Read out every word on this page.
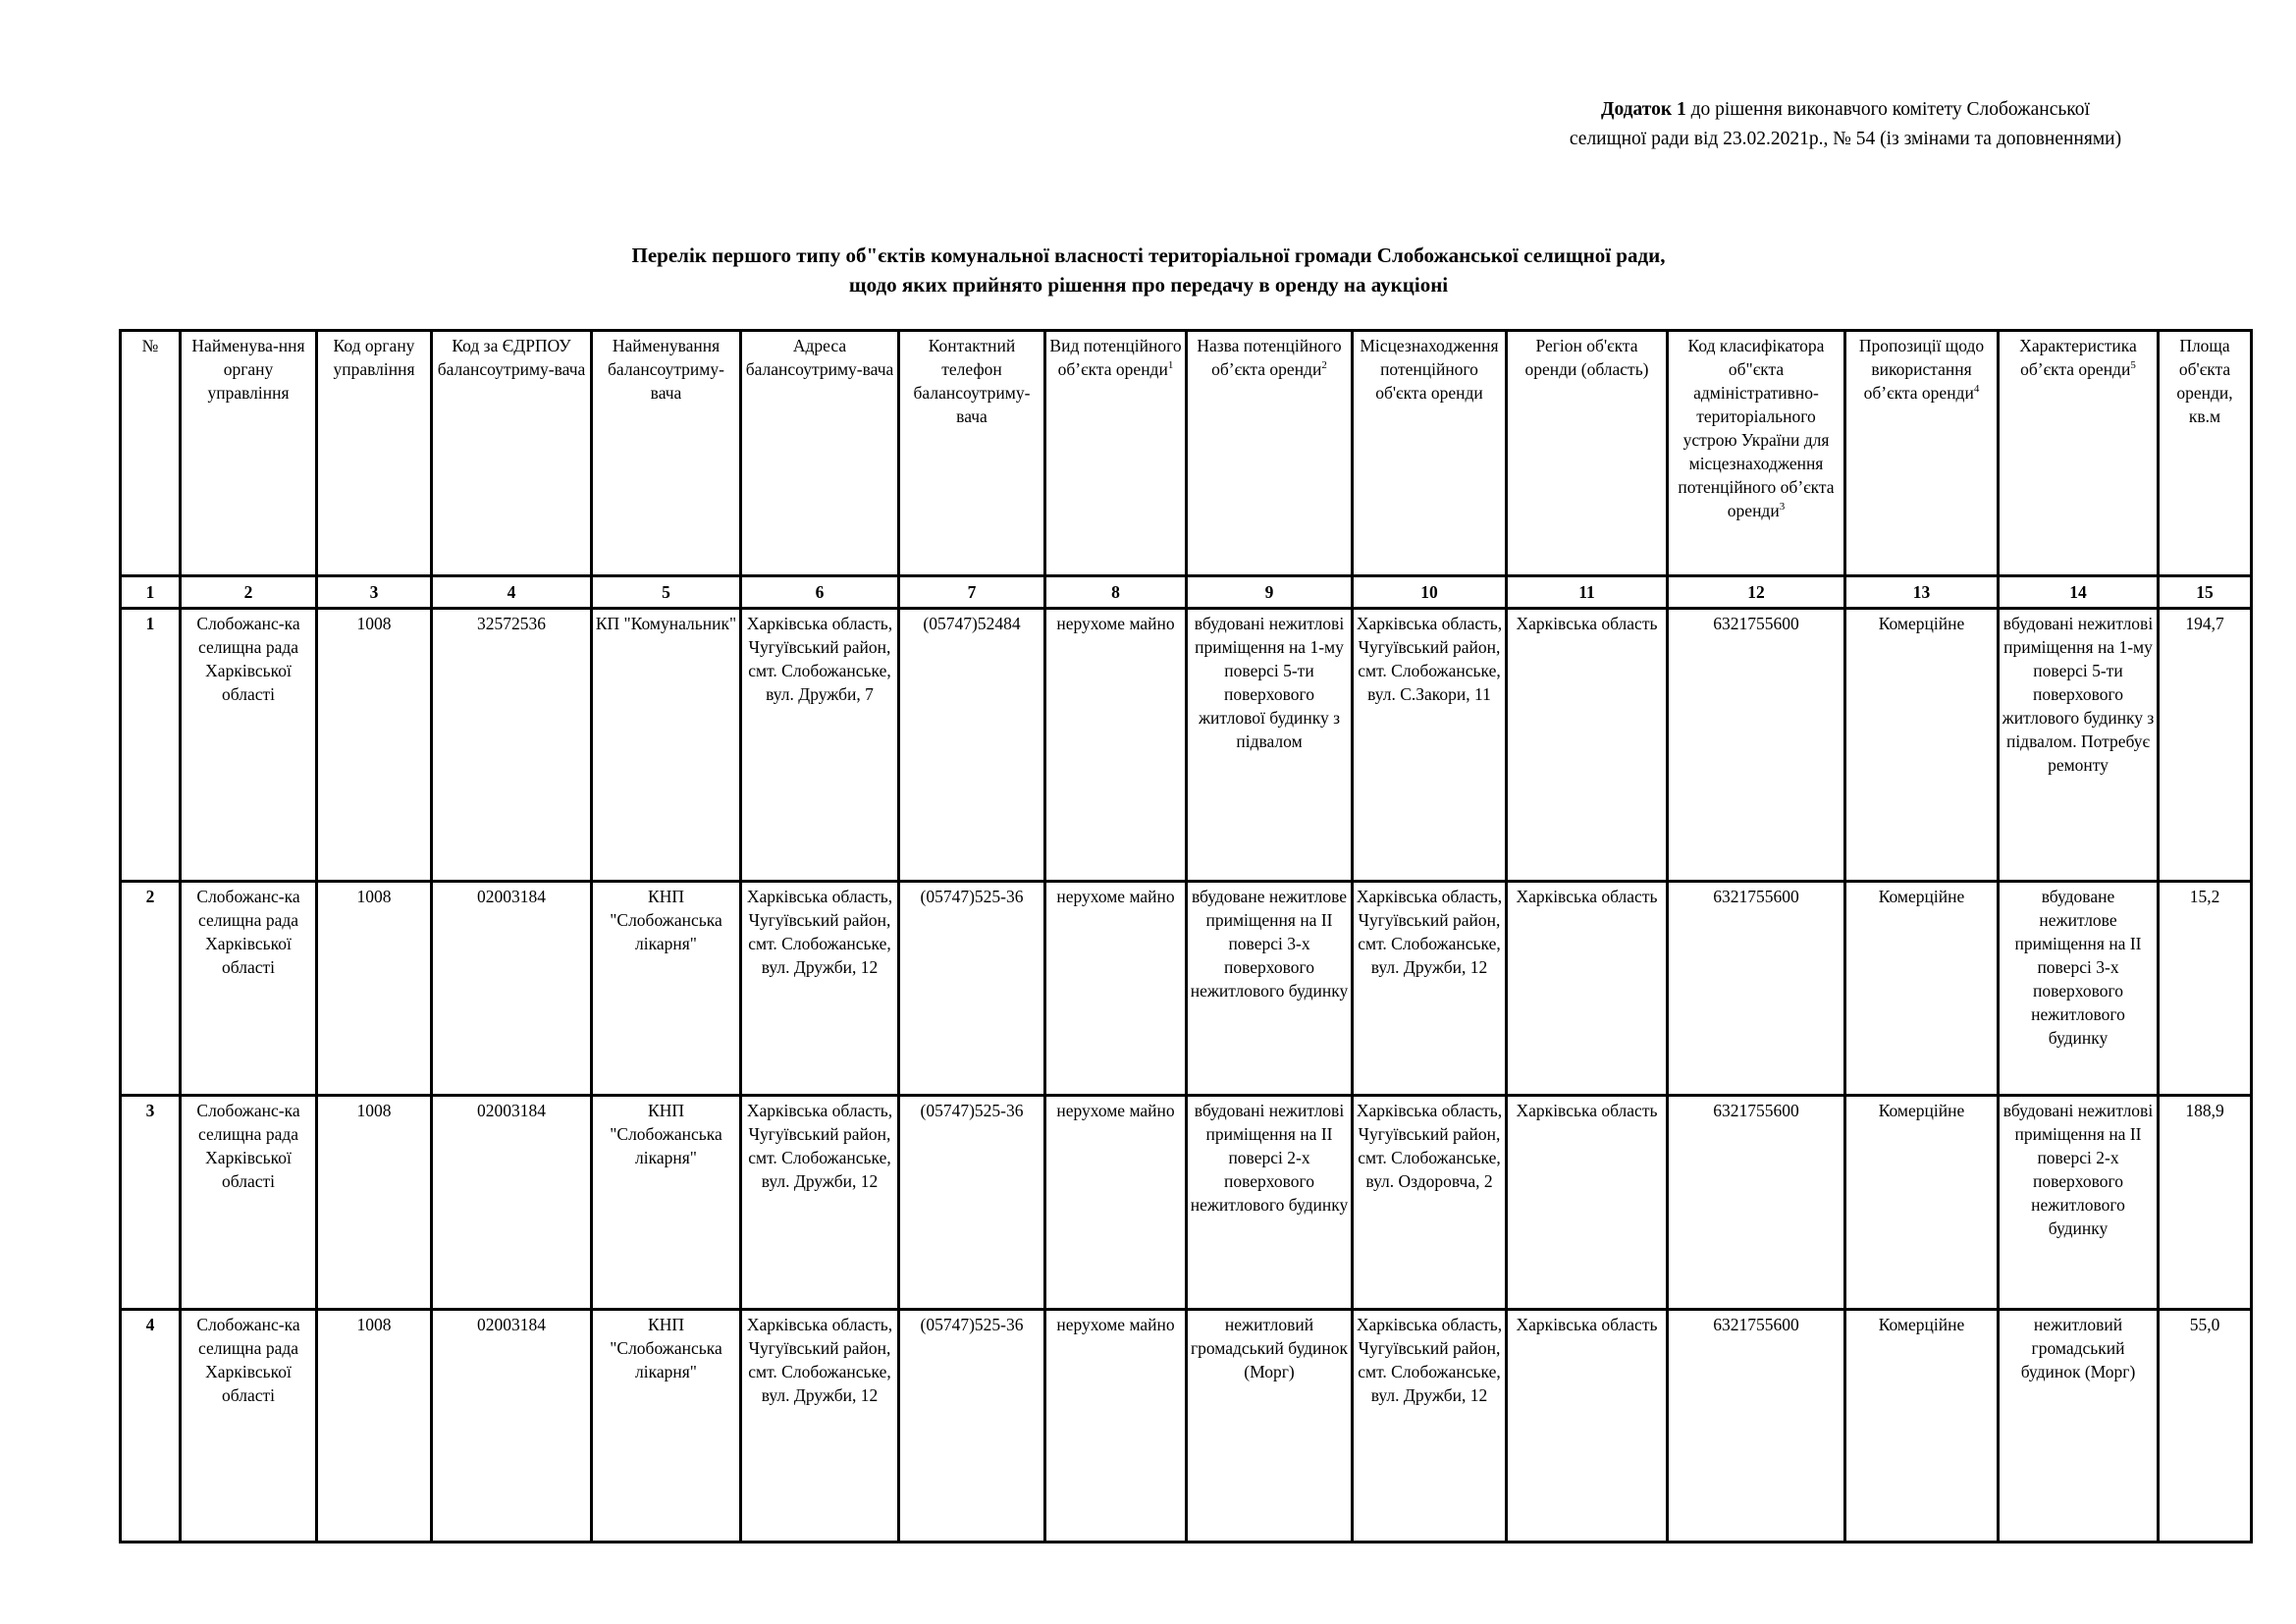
Додаток 1 до рішення виконавчого комітету Слобожанської
селищної ради від 23.02.2021р., № 54 (із змінами та доповненнями)
Перелік першого типу об"єктів комунальної власності територіальної громади Слобожанської селищної ради,
щодо яких прийнято рішення про передачу в оренду на аукціоні
№	Найменува-ння органу управління	Код органу управління	Код за ЄДРПОУ балансоутриму-вача	Найменування балансоутриму-вача	Адреса балансоутриму-вача	Контактний телефон балансоутриму-вача	Вид потенційного об’єкта оренди$^1$	Назва потенційного об’єкта оренди$^2$	Місцезнаходження потенційного об'єкта оренди	Регіон об'єкта оренди (область)	Код класифікатора об"єкта адміністративно-територіального устрою України для місцезнаходження потенційного об’єкта оренди$^3$	Пропозиції щодо використання об’єкта оренди$^4$	Характеристика об’єкта оренди$^5$	Площа об'єкта оренди, кв.м
1	2	3	4	5	6	7	8	9	10	11	12	13	14	15
1	Слобожанс-ка селищна рада Харківської області	1008	32572536	КП "Комунальник"	Харківська область, Чугуївський район, смт. Слобожанське, вул. Дружби, 7	(05747)52484	нерухоме майно	вбудовані нежитлові приміщення на 1-му поверсі 5-ти поверхового житлової будинку з підвалом	Харківська область, Чугуївський район, смт. Слобожанське, вул. С.Закори, 11	Харківська область	6321755600	Комерційне	вбудовані нежитлові приміщення на 1-му поверсі 5-ти поверхового житлового будинку з підвалом. Потребує ремонту	194,7
2	Слобожанс-ка селищна рада Харківської області	1008	02003184	КНП "Слобожанська лікарня"	Харківська область, Чугуївський район, смт. Слобожанське, вул. Дружби, 12	(05747)525-36	нерухоме майно	вбудоване нежитлове приміщення на II поверсі 3-х поверхового нежитлового будинку	Харківська область, Чугуївський район, смт. Слобожанське, вул. Дружби, 12	Харківська область	6321755600	Комерційне	вбудоване нежитлове приміщення на II поверсі 3-х поверхового нежитлового будинку	15,2
3	Слобожанс-ка селищна рада Харківської області	1008	02003184	КНП "Слобожанська лікарня"	Харківська область, Чугуївський район, смт. Слобожанське, вул. Дружби, 12	(05747)525-36	нерухоме майно	вбудовані нежитлові приміщення на II поверсі 2-х поверхового нежитлового будинку	Харківська область, Чугуївський район, смт. Слобожанське, вул. Оздоровча, 2	Харківська область	6321755600	Комерційне	вбудовані нежитлові приміщення на II поверсі 2-х поверхового нежитлового будинку	188,9
4	Слобожанс-ка селищна рада Харківської області	1008	02003184	КНП "Слобожанська лікарня"	Харківська область, Чугуївський район, смт. Слобожанське, вул. Дружби, 12	(05747)525-36	нерухоме майно	нежитловий громадський будинок (Морг)	Харківська область, Чугуївський район, смт. Слобожанське, вул. Дружби, 12	Харківська область	6321755600	Комерційне	нежитловий громадський будинок (Морг)	55,0
